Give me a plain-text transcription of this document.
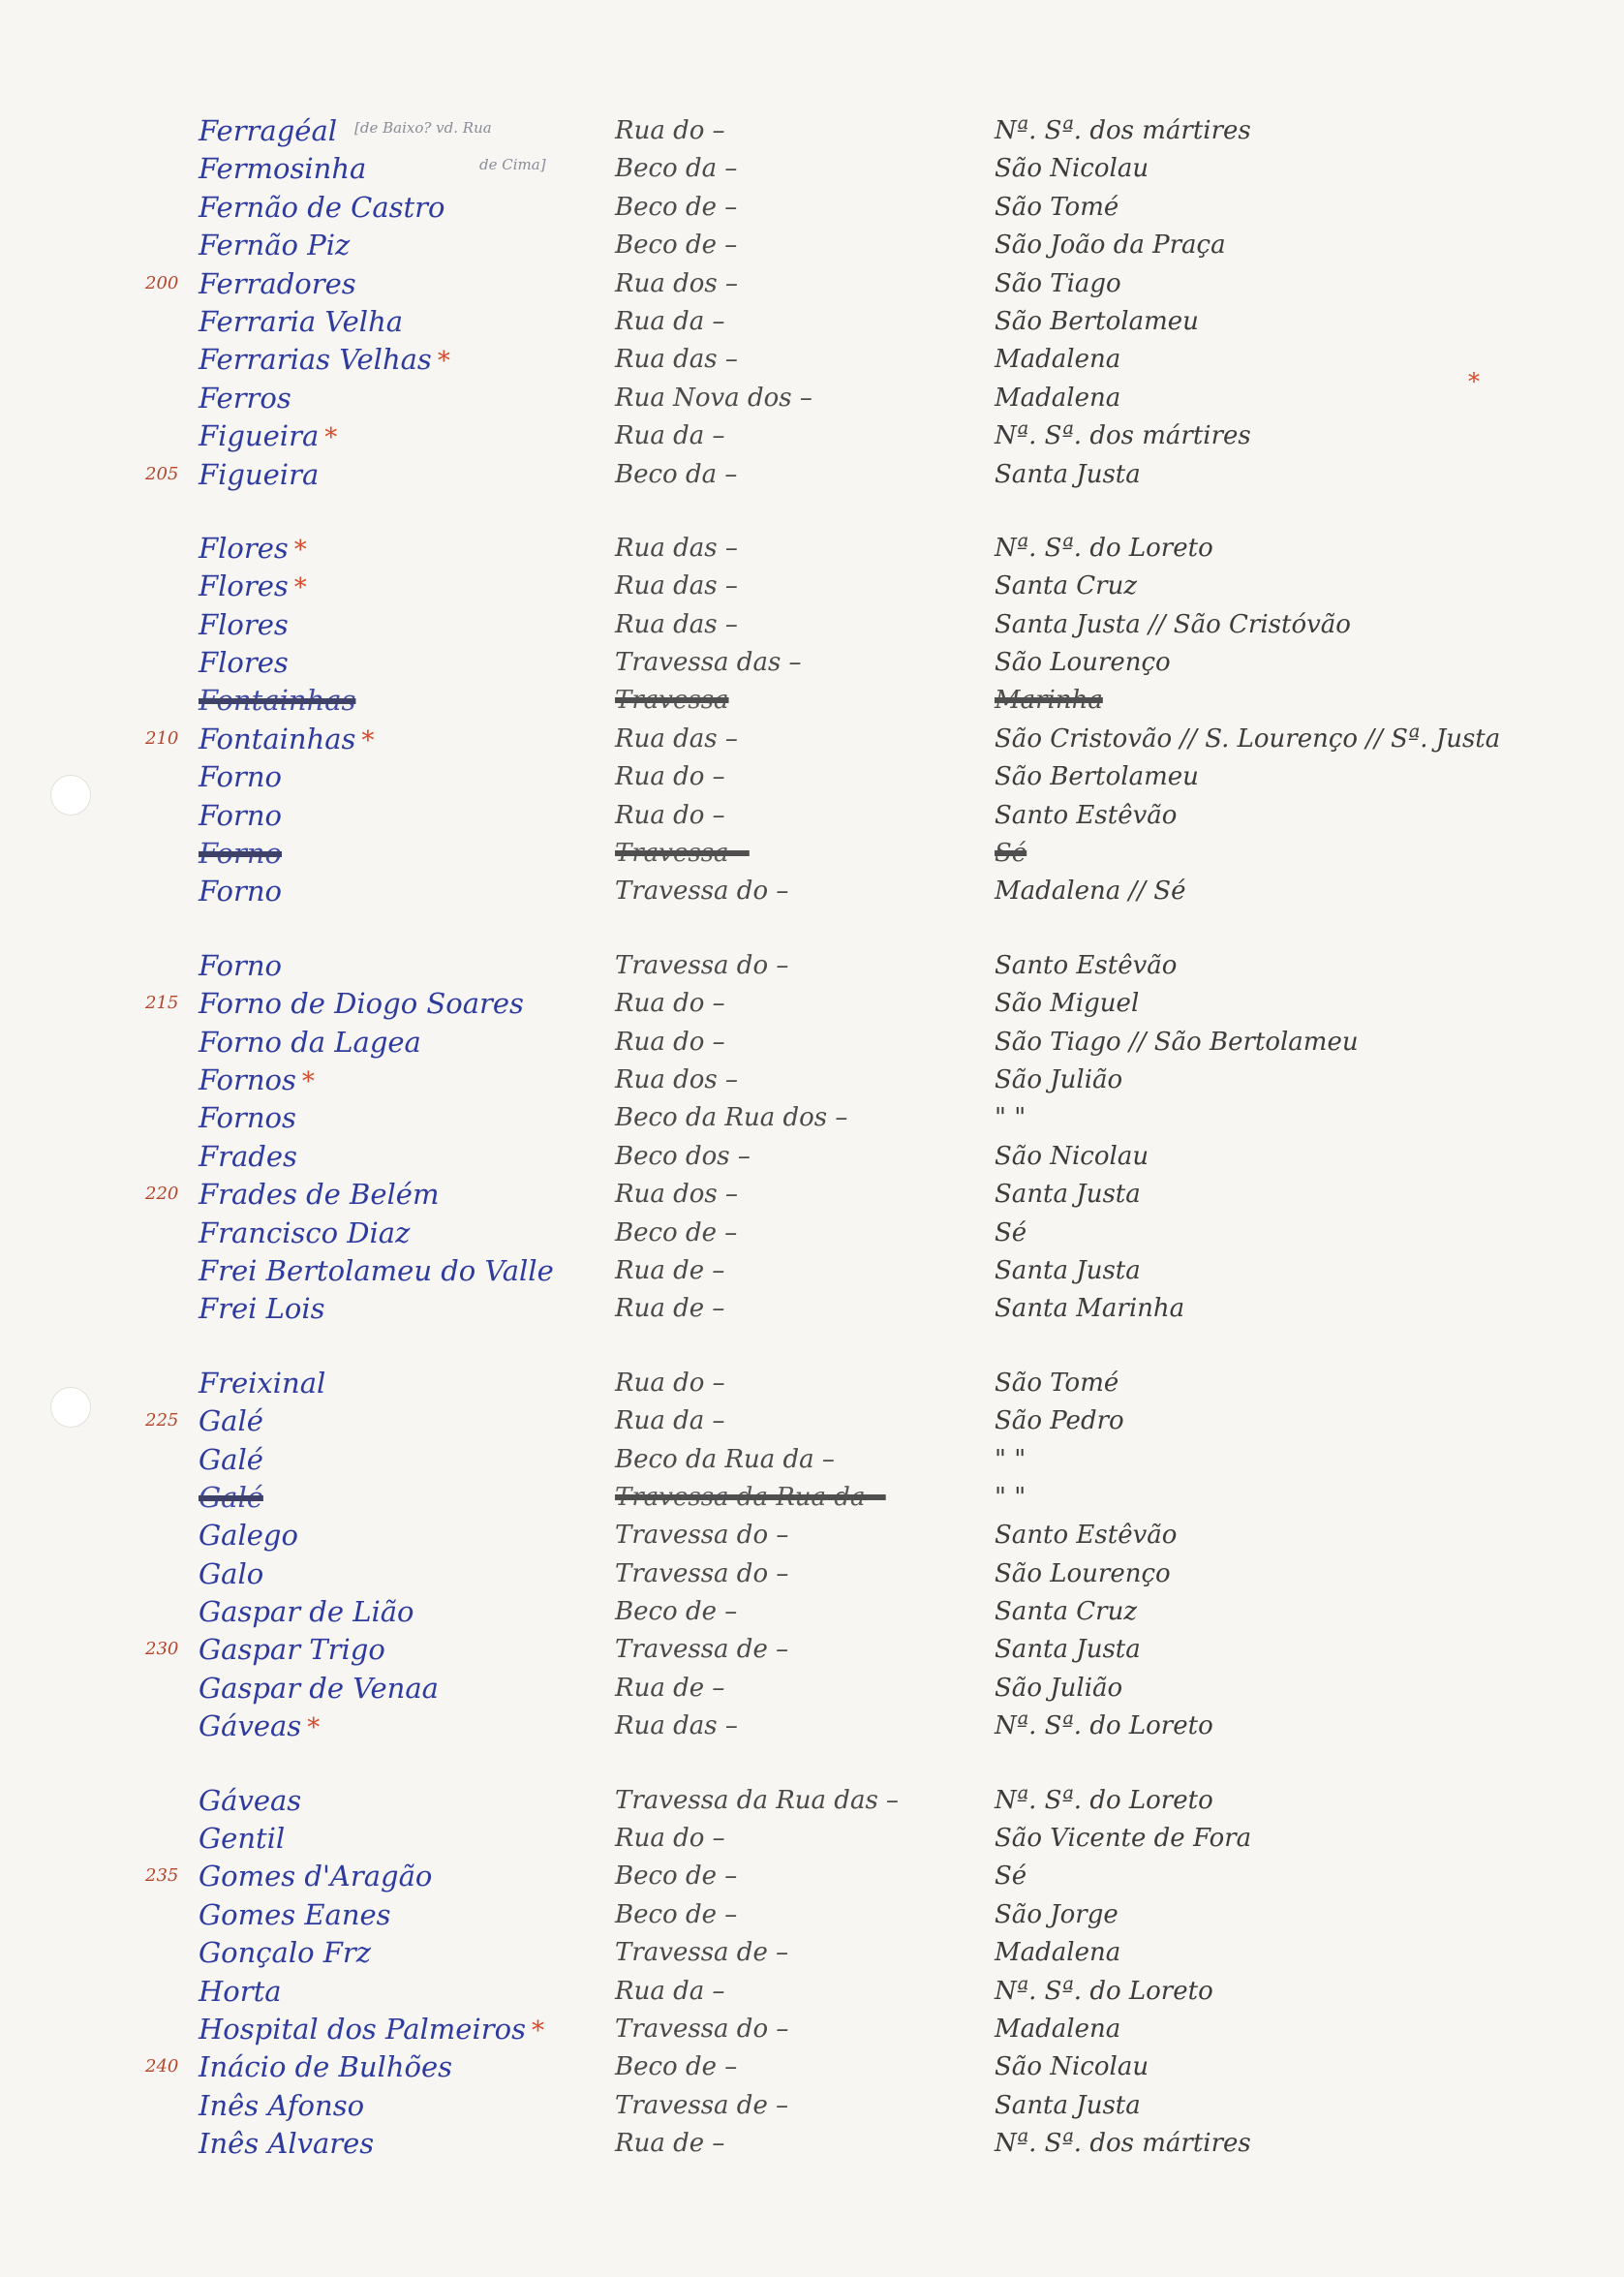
*
Ferragéal $^{[de Baixo? vd. Rua}$	Rua do –	Nª. Sª. dos mártires
Fermosinha	de Cima]	Beco da –	São Nicolau
Fernão de Castro	Beco de –	São Tomé
Fernão Piz	Beco de –	São João da Praça
200 Ferradores	Rua dos –	São Tiago
Ferraria Velha	Rua da –	São Bertolameu
Ferrarias Velhas *	Rua das –	Madalena
Ferros	Rua Nova dos –	Madalena
Figueira *	Rua da –	Nª. Sª. dos mártires
205 Figueira	Beco da –	Santa Justa
Flores *	Rua das –	Nª. Sª. do Loreto
Flores *	Rua das –	Santa Cruz
Flores	Rua das –	Santa Justa // São Cristóvão
Flores	Travessa das –	São Lourenço
Fontainhas	Travessa	Marinha
210 Fontainhas *	Rua das –	São Cristovão // S. Lourenço // Sª. Justa
Forno	Rua do –	São Bertolameu
Forno	Rua do –	Santo Estêvão
Forno	Travessa –	Sé
Forno	Travessa do –	Madalena // Sé
Forno	Travessa do –	Santo Estêvão
215 Forno de Diogo Soares	Rua do –	São Miguel
Forno da Lagea	Rua do –	São Tiago // São Bertolameu
Fornos *	Rua dos –	São Julião
Fornos	Beco da Rua dos –	" "
Frades	Beco dos –	São Nicolau
220 Frades de Belém	Rua dos –	Santa Justa
Francisco Diaz	Beco de –	Sé
Frei Bertolameu do Valle Rua de –	Santa Justa
Frei Lois	Rua de –	Santa Marinha
Freixinal	Rua do –	São Tomé
225 Galé	Rua da –	São Pedro
Galé	Beco da Rua da –	" "
Galé	Travessa da Rua da –	" "
Galego	Travessa do –	Santo Estêvão
Galo	Travessa do –	São Lourenço
Gaspar de Lião	Beco de –	Santa Cruz
230 Gaspar Trigo	Travessa de –	Santa Justa
Gaspar de Venaa	Rua de –	São Julião
Gáveas *	Rua das –	Nª. Sª. do Loreto
Gáveas	Travessa da Rua das –	Nª. Sª. do Loreto
Gentil	Rua do –	São Vicente de Fora
235 Gomes d'Aragão	Beco de –	Sé
Gomes Eanes	Beco de –	São Jorge
Gonçalo Frz	Travessa de –	Madalena
Horta	Rua da –	Nª. Sª. do Loreto
Hospital dos Palmeiros *	Travessa do –	Madalena
240 Inácio de Bulhões	Beco de –	São Nicolau
Inês Afonso	Travessa de –	Santa Justa
Inês Alvares	Rua de –	Nª. Sª. dos mártires
